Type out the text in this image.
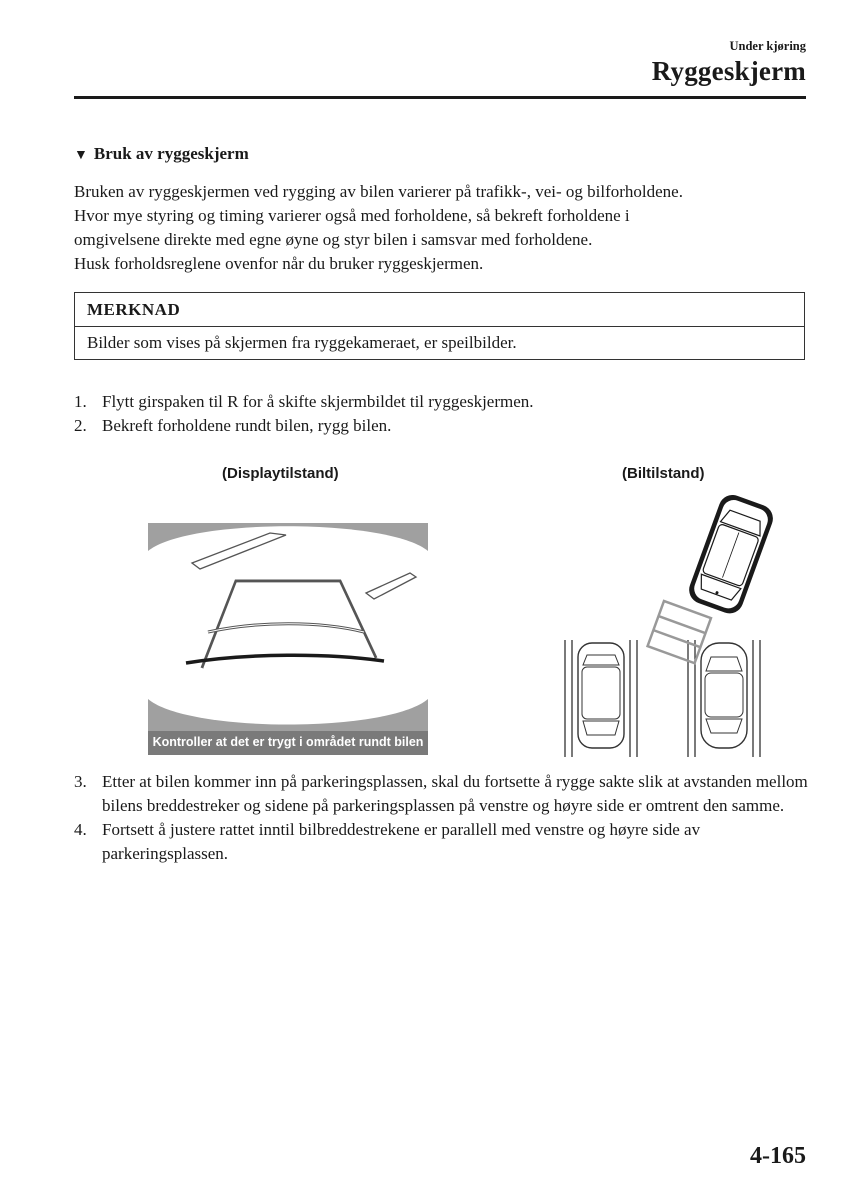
Under kjøring
Ryggeskjerm
▼ Bruk av ryggeskjerm

Bruken av ryggeskjermen ved rygging av bilen varierer på trafikk-, vei- og bilforholdene.

Hvor mye styring og timing varierer også med forholdene, så bekreft forholdene i

omgivelsene direkte med egne øyne og styr bilen i samsvar med forholdene.

Husk forholdsreglene ovenfor når du bruker ryggeskjermen.

MERKNAD
Bilder som vises på skjermen fra ryggekameraet, er speilbilder.
1. Flytt girspaken til R for å skifte skjermbildet til ryggeskjermen.
2. Bekreft forholdene rundt bilen, rygg bilen.
(Displaytilstand)	(Biltilstand)
Kontroller at det er trygt i området rundt bilen
3. Etter at bilen kommer inn på parkeringsplassen, skal du fortsette å rygge sakte slik at avstanden mellom bilens breddestreker og sidene på parkeringsplassen på venstre og høyre side er omtrent den samme.
4. Fortsett å justere rattet inntil bilbreddestrekene er parallell med venstre og høyre side av parkeringsplassen.
4-165
